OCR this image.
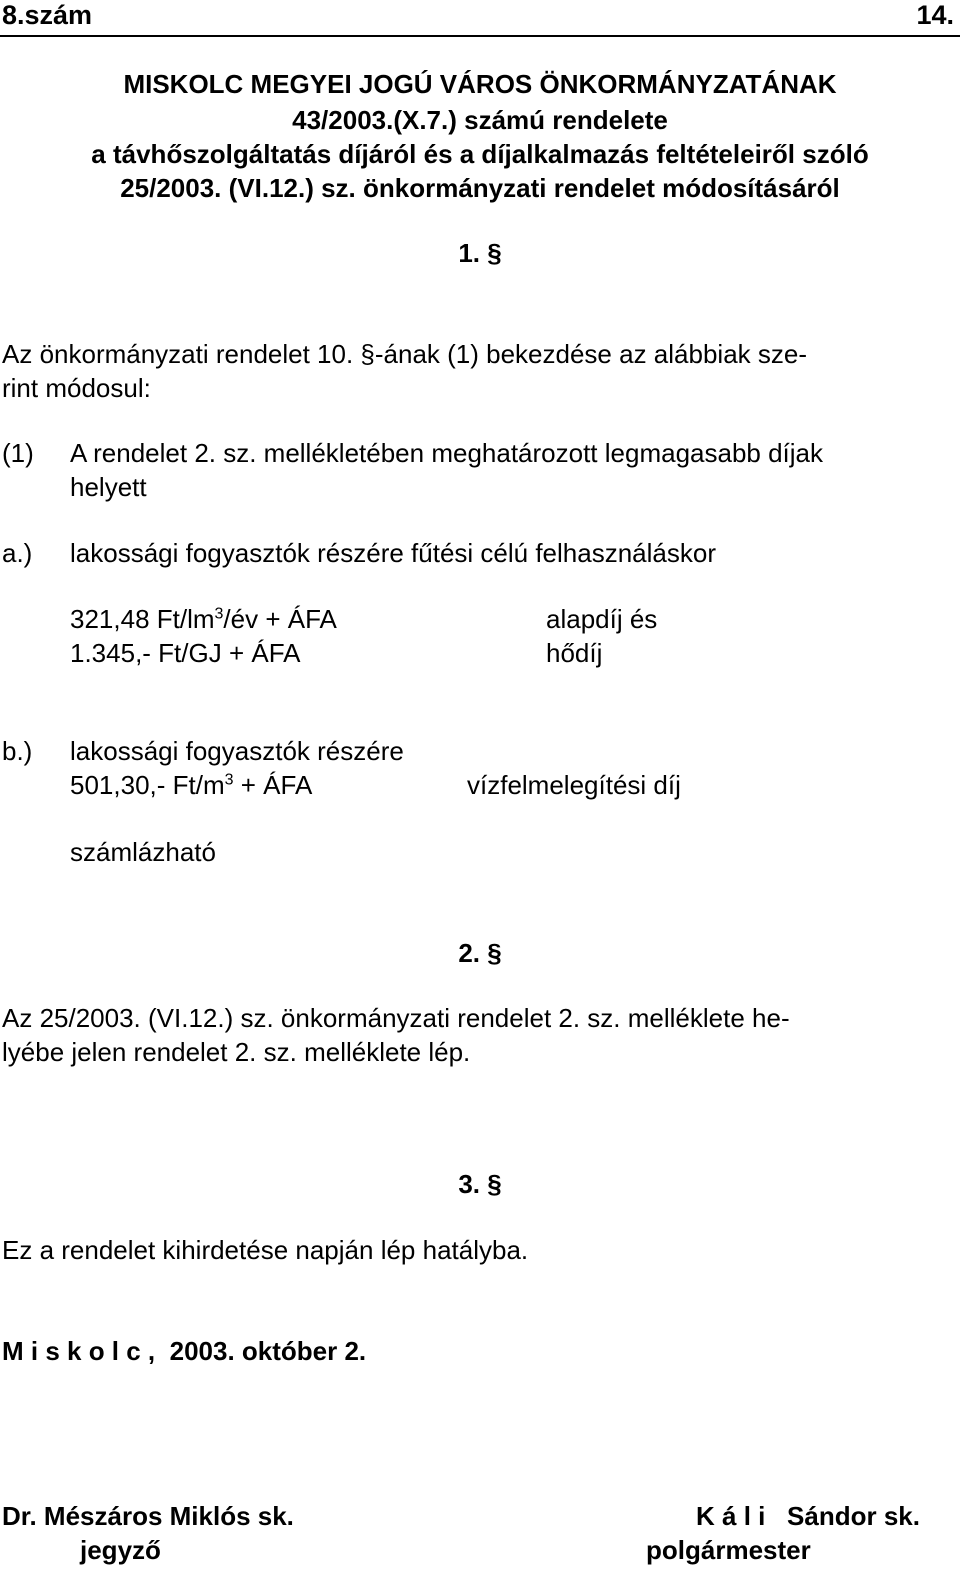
8.szám	14.
MISKOLC MEGYEI JOGÚ VÁROS ÖNKORMÁNYZATÁNAK
43/2003.(X.7.) számú rendelete
a távhőszolgáltatás díjáról és a díjalkalmazás feltételeiről szóló
25/2003. (VI.12.) sz. önkormányzati rendelet módosításáról
1. §
Az önkormányzati rendelet 10. §-ának (1) bekezdése az alábbiak sze-
rint módosul:
(1) A rendelet 2. sz. mellékletében meghatározott legmagasabb díjak
helyett
a.) lakossági fogyasztók részére fűtési célú felhasználáskor
321,48 $Ft/lm^3/év$ + ÁFA	alapdíj és
1.345,- Ft/GJ + ÁFA	hődíj
b.) lakossági fogyasztók részére
501,30,- $Ft/m^3$ + ÁFA	vízfelmelegítési díj
számlázható
2. §
Az 25/2003. (VI.12.) sz. önkormányzati rendelet 2. sz. melléklete he-
lyébe jelen rendelet 2. sz. melléklete lép.
3. §
Ez a rendelet kihirdetése napján lép hatályba.
M i s k o l c ,  2003. október 2.
Dr. Mészáros Miklós sk.
jegyző
K á l i   Sándor sk.
polgármester
